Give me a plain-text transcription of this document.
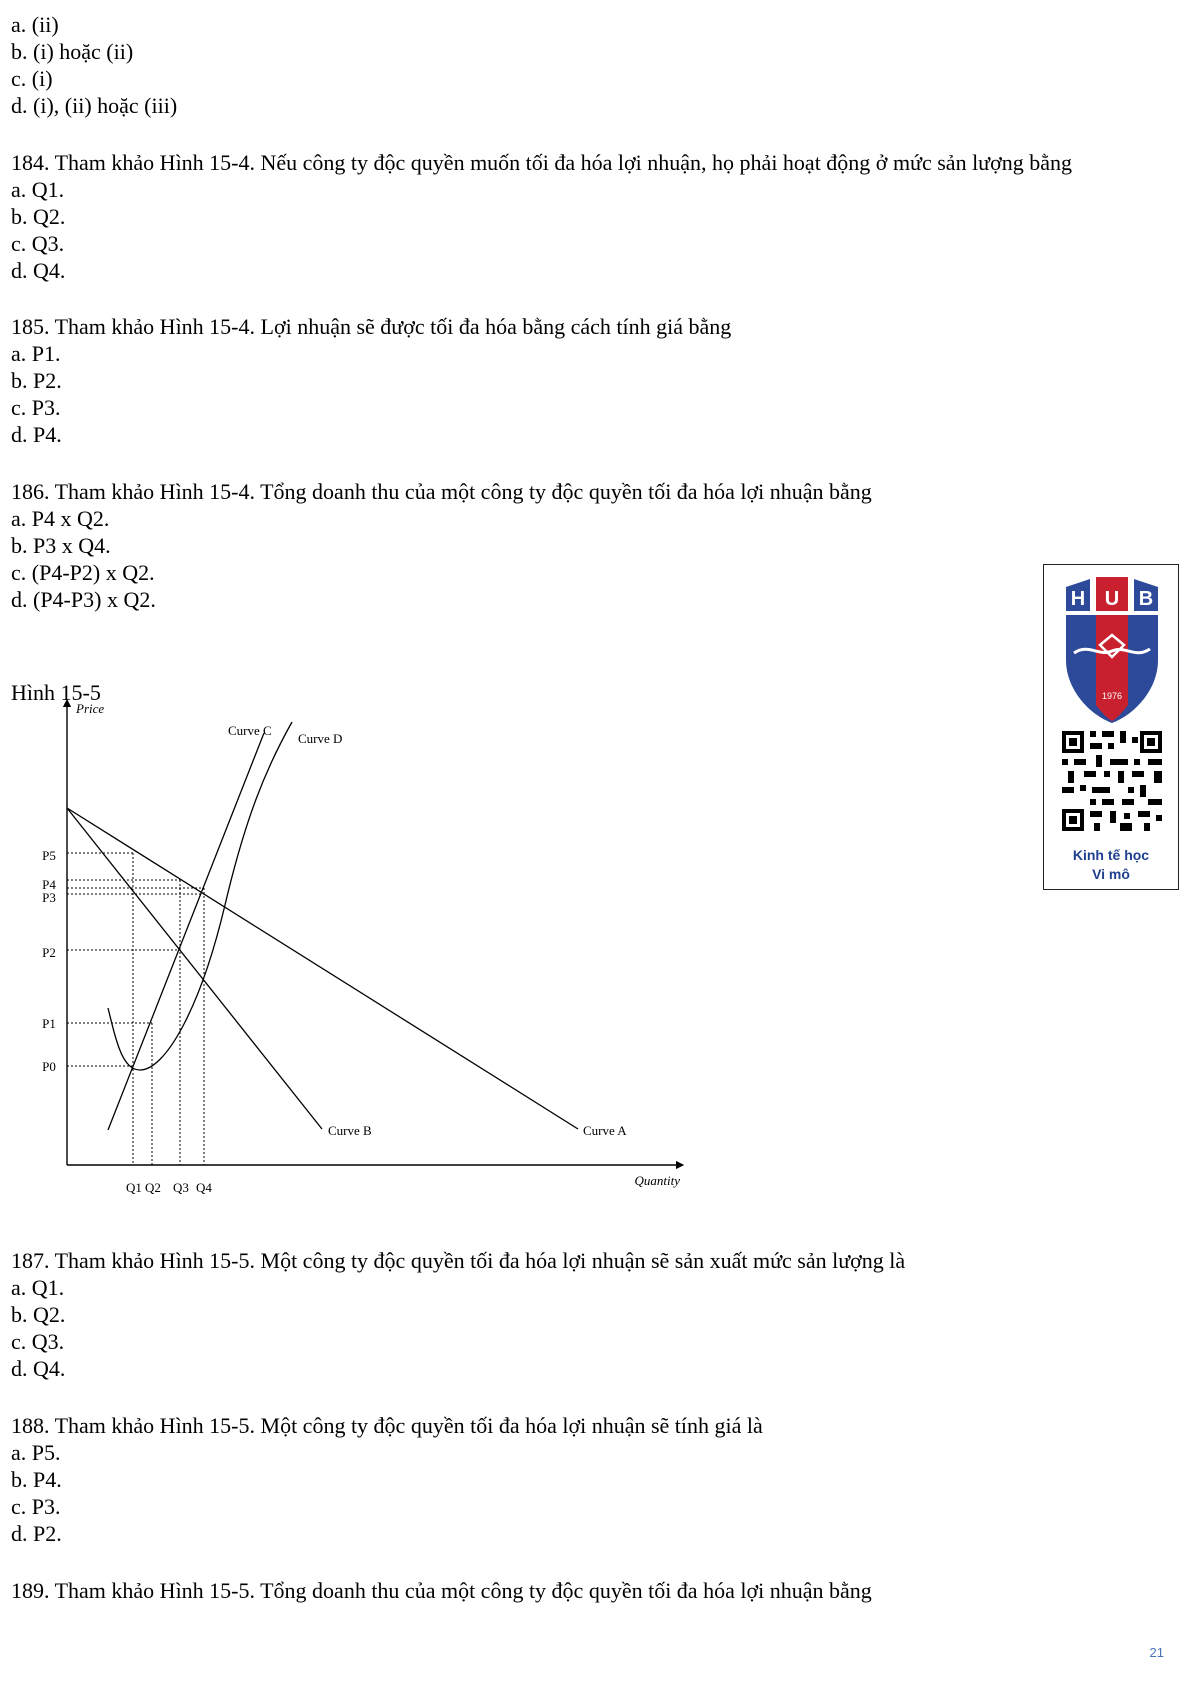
a. (ii)
b. (i) hoặc (ii)
c. (i)
d. (i), (ii) hoặc (iii)
184. Tham khảo Hình 15-4. Nếu công ty độc quyền muốn tối đa hóa lợi nhuận, họ phải hoạt động ở mức sản lượng bằng
a. Q1.
b. Q2.
c. Q3.
d. Q4.
185. Tham khảo Hình 15-4. Lợi nhuận sẽ được tối đa hóa bằng cách tính giá bằng
a. P1.
b. P2.
c. P3.
d. P4.
186. Tham khảo Hình 15-4. Tổng doanh thu của một công ty độc quyền tối đa hóa lợi nhuận bằng
a. P4 x Q2.
b. P3 x Q4.
c. (P4-P2) x Q2.
d. (P4-P3) x Q2.
Hình 15-5
Price
Quantity
Curve A
Curve B
Curve C
Curve D
P0
P1
P2
P3
P4
P5
Q1 Q2 Q3 Q4
H U B
1976
Kinh tế học
Vi mô
187. Tham khảo Hình 15-5. Một công ty độc quyền tối đa hóa lợi nhuận sẽ sản xuất mức sản lượng là
a. Q1.
b. Q2.
c. Q3.
d. Q4.
188. Tham khảo Hình 15-5. Một công ty độc quyền tối đa hóa lợi nhuận sẽ tính giá là
a. P5.
b. P4.
c. P3.
d. P2.
189. Tham khảo Hình 15-5. Tổng doanh thu của một công ty độc quyền tối đa hóa lợi nhuận bằng
21
